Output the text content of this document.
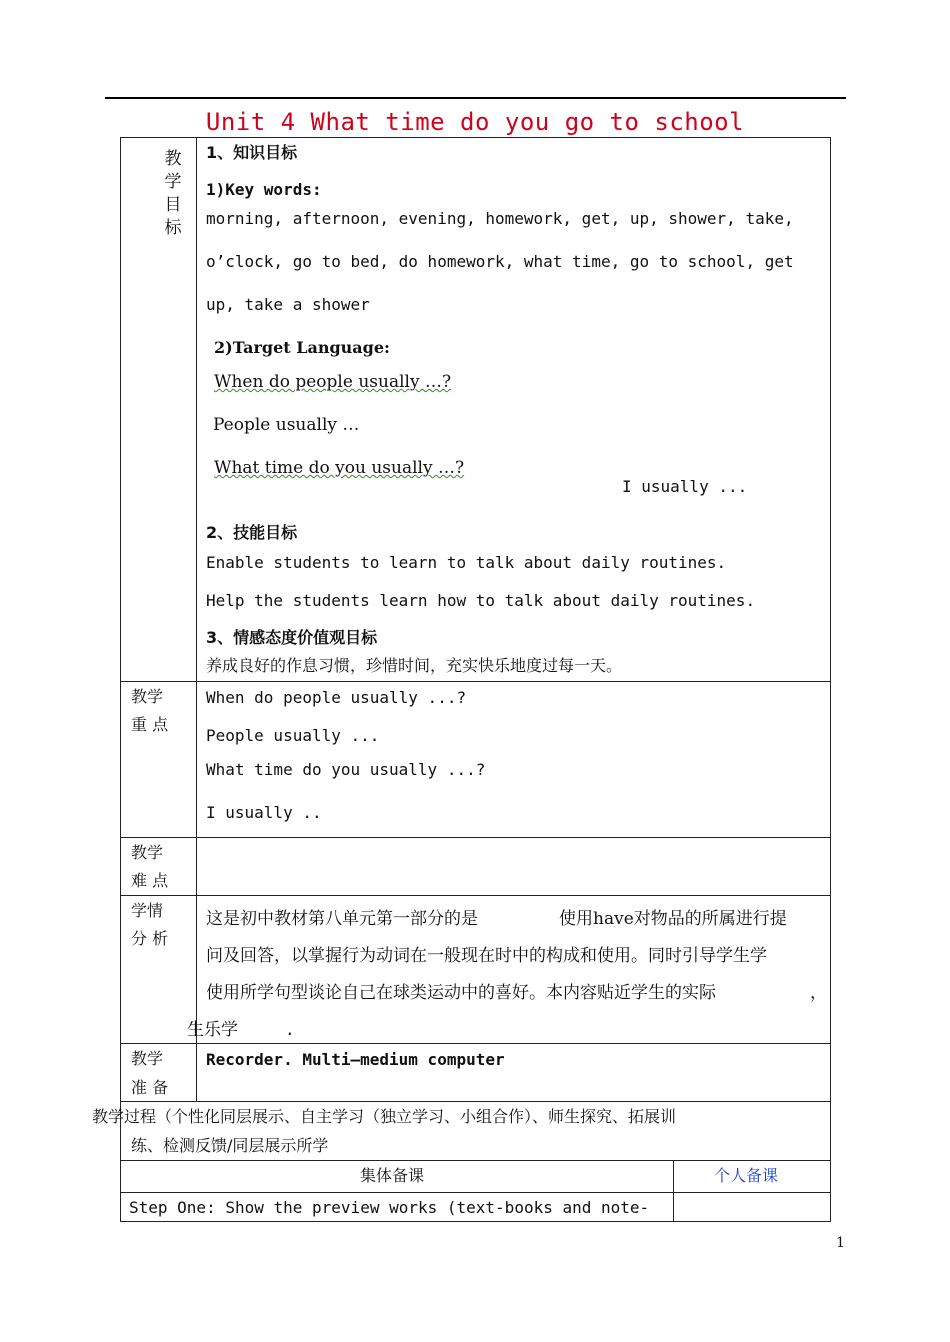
Unit 4 What time do you go to school
教
学
目
标
1、知识目标
1)Key words:
morning, afternoon, evening, homework, get, up, shower, take,
o’clock, go to bed, do homework, what time, go to school, get
up, take a shower
2)Target Language:
When do people usually …?
People usually …
What time do you usually …?
I usually ...
2、技能目标
Enable students to learn to talk about daily routines.
Help the students learn how to talk about daily routines.
3、情感态度价值观目标
养成良好的作息习惯，珍惜时间，充实快乐地度过每一天。
教学
重 点
When do people usually ...?
People usually ...
What time do you usually ...?
I usually ..
教学
难 点
学情
分 析
这是初中教材第八单元第一部分的是	使用have对物品的所属进行提
问及回答，以掌握行为动词在一般现在时中的构成和使用。同时引导学生学
使用所学句型谈论自己在球类运动中的喜好。本内容贴近学生的实际	，
生乐学	.
教学
准 备
Recorder. Multi—medium computer
教学过程（个性化同层展示、自主学习（独立学习、小组合作）、师生探究、拓展训
练、检测反馈/同层展示所学
集体备课	个人备课
Step One: Show the preview works (text-books and note-
1
